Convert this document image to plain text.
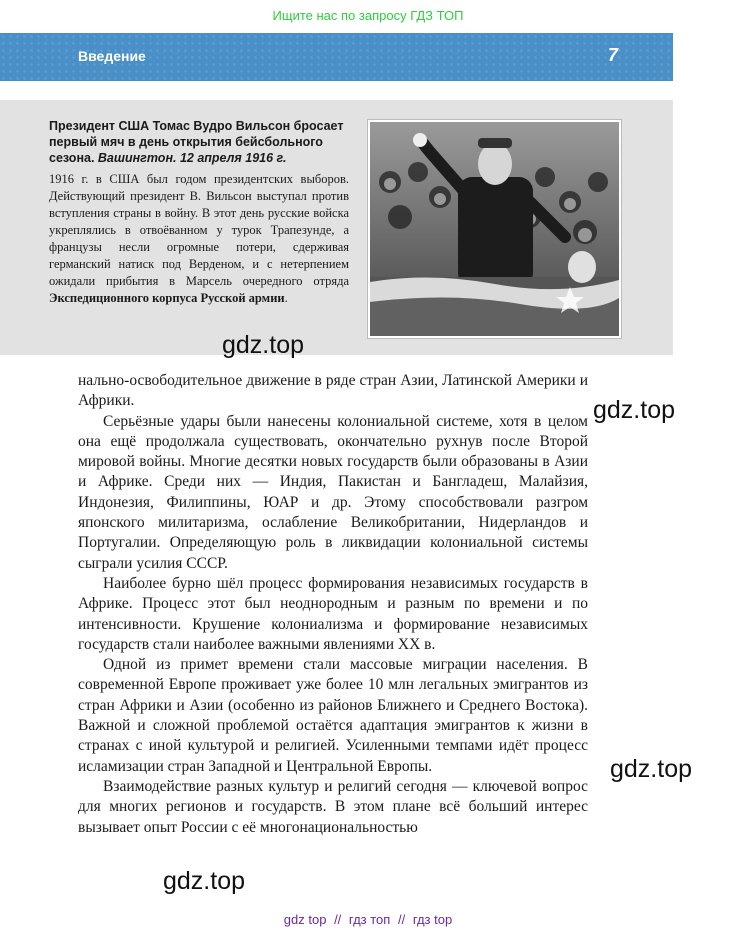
Ищите нас по запросу ГДЗ ТОП
Введение	7
Президент США Томас Вудро Вильсон бросает первый мяч в день открытия бейсбольного сезона. Вашингтон. 12 апреля 1916 г.
1916 г. в США был годом президентских выборов. Действующий президент В. Вильсон выступал против вступления страны в войну. В этот день русские войска укреплялись в отвоёванном у турок Трапезунде, а французы несли огромные потери, сдерживая германский натиск под Верденом, и с нетерпением ожидали прибытия в Марсель очередного отряда Экспедиционного корпуса Русской армии.

нально-освободительное движение в ряде стран Азии, Латинской Америки и Африки.

Серьёзные удары были нанесены колониальной системе, хотя в целом она ещё продолжала существовать, окончательно рухнув после Второй мировой войны. Многие десятки новых государств были образованы в Азии и Африке. Среди них — Индия, Пакистан и Бангладеш, Малайзия, Индонезия, Филиппины, ЮАР и др. Этому способствовали разгром японского милитаризма, ослабление Великобритании, Нидерландов и Португалии. Определяющую роль в ликвидации колониальной системы сыграли усилия СССР.

Наиболее бурно шёл процесс формирования независимых государств в Африке. Процесс этот был неоднородным и разным по времени и по интенсивности. Крушение колониализма и формирование независимых государств стали наиболее важными явлениями XX в.

Одной из примет времени стали массовые миграции населения. В современной Европе проживает уже более 10 млн легальных эмигрантов из стран Африки и Азии (особенно из районов Ближнего и Среднего Востока). Важной и сложной проблемой остаётся адаптация эмигрантов к жизни в странах с иной культурой и религией. Усиленными темпами идёт процесс исламизации стран Западной и Центральной Европы.

Взаимодействие разных культур и религий сегодня — ключевой вопрос для многих регионов и государств. В этом плане всё больший интерес вызывает опыт России с её многонациональностью

gdz.top
gdz.top
gdz.top
gdz.top
gdz top // гдз топ // гдз top
